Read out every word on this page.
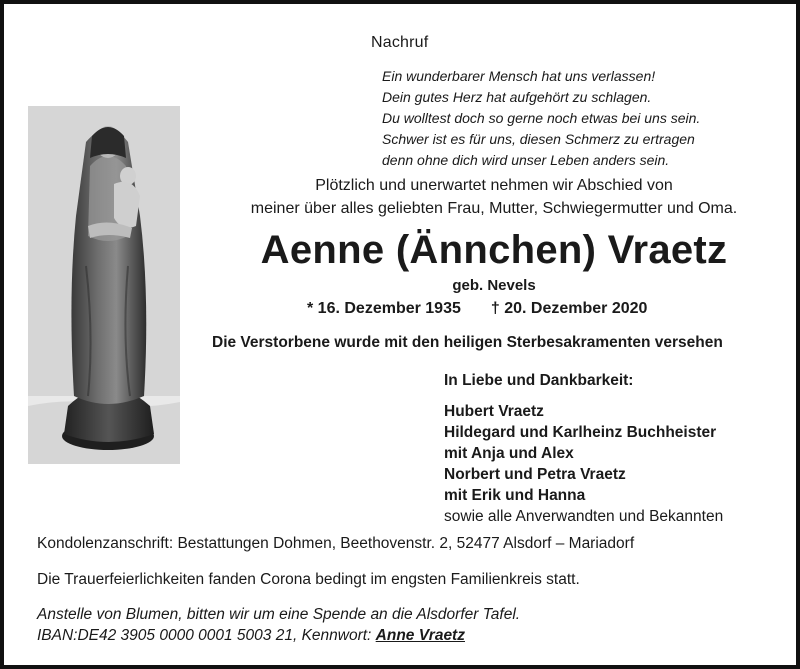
Nachruf
Ein wunderbarer Mensch hat uns verlassen!
Dein gutes Herz hat aufgehört zu schlagen.
Du wolltest doch so gerne noch etwas bei uns sein.
Schwer ist es für uns, diesen Schmerz zu ertragen
denn ohne dich wird unser Leben anders sein.
Plötzlich und unerwartet nehmen wir Abschied von
meiner über alles geliebten Frau, Mutter, Schwiegermutter und Oma.
Aenne (Ännchen) Vraetz
geb. Nevels
* 16. Dezember 1935 † 20. Dezember 2020
Die Verstorbene wurde mit den heiligen Sterbesakramenten versehen
In Liebe und Dankbarkeit:
Hubert Vraetz
Hildegard und Karlheinz Buchheister
mit Anja und Alex
Norbert und Petra Vraetz
mit Erik und Hanna
sowie alle Anverwandten und Bekannten
Kondolenzanschrift: Bestattungen Dohmen, Beethovenstr. 2, 52477 Alsdorf – Mariadorf
Die Trauerfeierlichkeiten fanden Corona bedingt im engsten Familienkreis statt.
Anstelle von Blumen, bitten wir um eine Spende an die Alsdorfer Tafel.
IBAN:DE42 3905 0000 0001 5003 21, Kennwort: Anne Vraetz
